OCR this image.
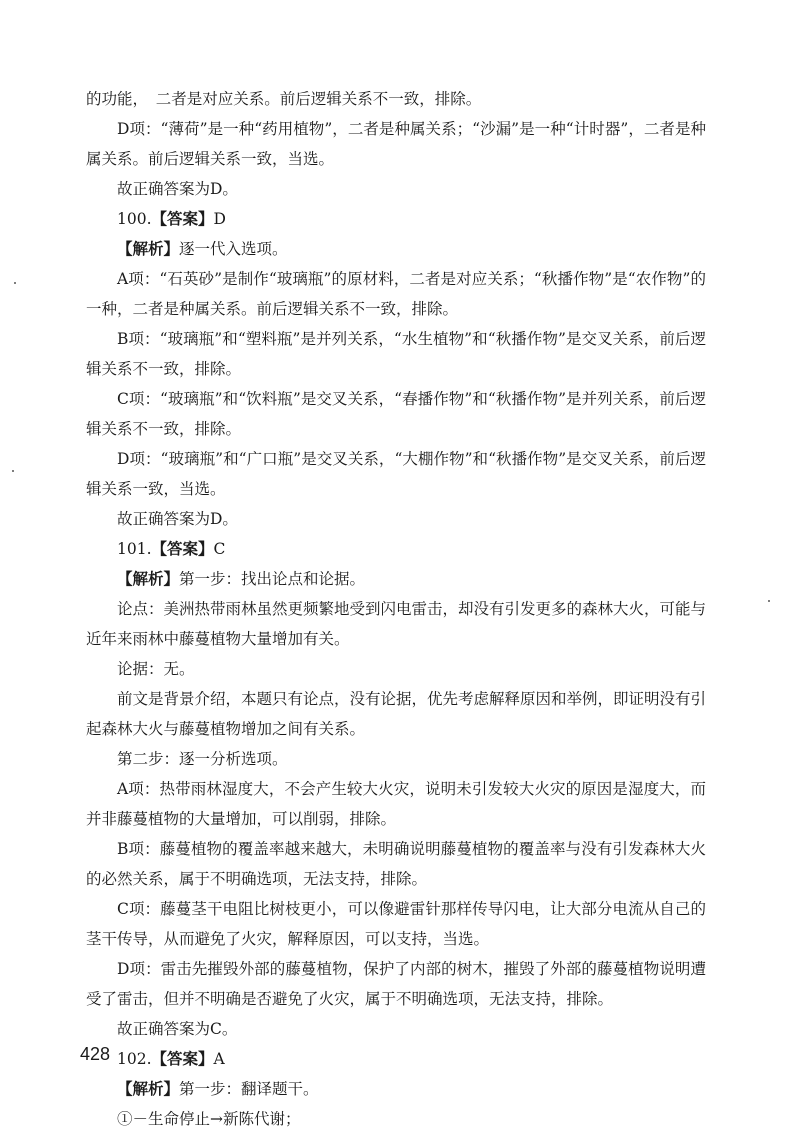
的功能，　二者是对应关系。前后逻辑关系不一致，排除。

D项：“薄荷”是一种“药用植物”，二者是种属关系；“沙漏”是一种“计时器”，二者是种属关系。前后逻辑关系一致，当选。

故正确答案为D。

100.【答案】D

【解析】逐一代入选项。

A项：“石英砂”是制作“玻璃瓶”的原材料，二者是对应关系；“秋播作物”是“农作物”的一种，二者是种属关系。前后逻辑关系不一致，排除。

B项：“玻璃瓶”和“塑料瓶”是并列关系，“水生植物”和“秋播作物”是交叉关系，前后逻辑关系不一致，排除。

C项：“玻璃瓶”和“饮料瓶”是交叉关系，“春播作物”和“秋播作物”是并列关系，前后逻辑关系不一致，排除。

D项：“玻璃瓶”和“广口瓶”是交叉关系，“大棚作物”和“秋播作物”是交叉关系，前后逻辑关系一致，当选。

故正确答案为D。

101.【答案】C

【解析】第一步：找出论点和论据。

论点：美洲热带雨林虽然更频繁地受到闪电雷击，却没有引发更多的森林大火，可能与近年来雨林中藤蔓植物大量增加有关。

论据：无。

前文是背景介绍，本题只有论点，没有论据，优先考虑解释原因和举例，即证明没有引起森林大火与藤蔓植物增加之间有关系。

第二步：逐一分析选项。

A项：热带雨林湿度大，不会产生较大火灾，说明未引发较大火灾的原因是湿度大，而并非藤蔓植物的大量增加，可以削弱，排除。

B项：藤蔓植物的覆盖率越来越大，未明确说明藤蔓植物的覆盖率与没有引发森林大火的必然关系，属于不明确选项，无法支持，排除。

C项：藤蔓茎干电阻比树枝更小，可以像避雷针那样传导闪电，让大部分电流从自己的茎干传导，从而避免了火灾，解释原因，可以支持，当选。

D项：雷击先摧毁外部的藤蔓植物，保护了内部的树木，摧毁了外部的藤蔓植物说明遭受了雷击，但并不明确是否避免了火灾，属于不明确选项，无法支持，排除。

故正确答案为C。

102.【答案】A

【解析】第一步：翻译题干。

①－生命停止→新陈代谢；

428
